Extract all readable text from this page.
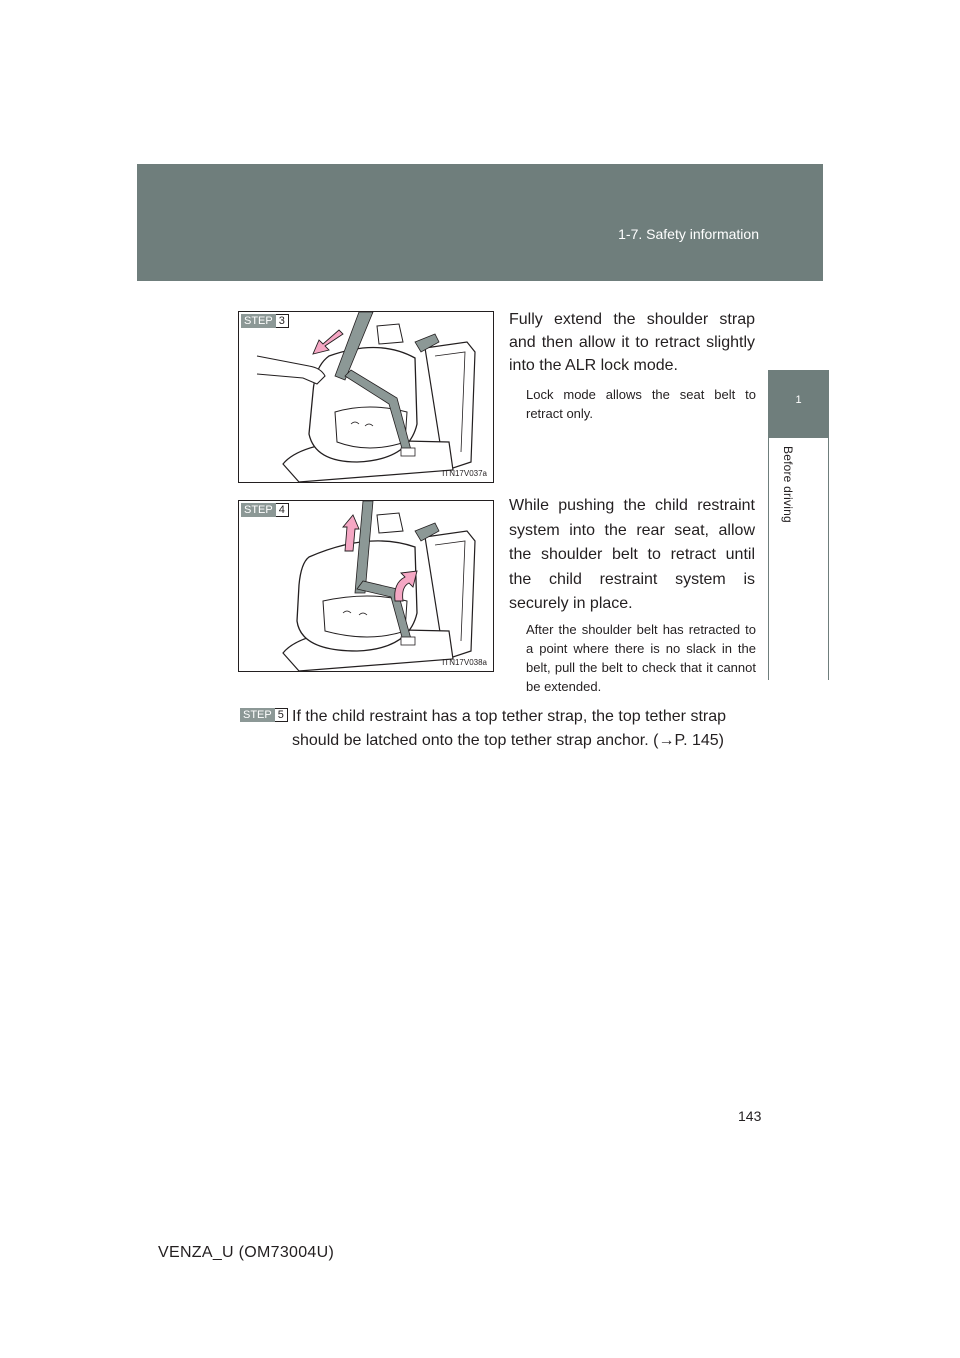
1-7. Safety information
1
Before driving
STEP 3
ITN17V037a
Fully extend the shoulder strap and then allow it to retract slightly into the ALR lock mode.
Lock mode allows the seat belt to retract only.
STEP 4
ITN17V038a
While pushing the child restraint system into the rear seat, allow the shoulder belt to retract until the child restraint system is securely in place.
After the shoulder belt has retracted to a point where there is no slack in the belt, pull the belt to check that it cannot be extended.
STEP 5 If the child restraint has a top tether strap, the top tether strap should be latched onto the top tether strap anchor. (→P. 145)
143
VENZA_U (OM73004U)
